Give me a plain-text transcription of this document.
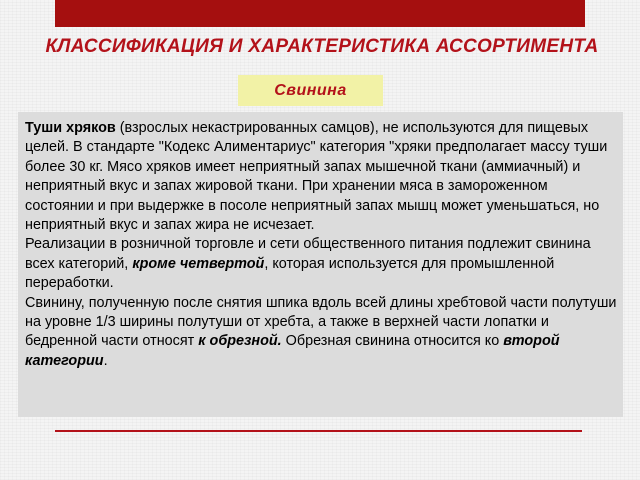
КЛАССИФИКАЦИЯ И ХАРАКТЕРИСТИКА АССОРТИМЕНТА
Свинина

Туши хряков (взрослых некастрированных самцов), не используются для пищевых целей. В стандарте "Кодекс Алиментариус" категория "хряки предполагает массу туши более 30 кг. Мясо хряков имеет неприятный запах мышечной ткани (аммиачный) и неприятный вкус и запах жировой ткани. При хранении мяса в замороженном состоянии и при выдержке в посоле неприятный запах мышц может уменьшаться, но неприятный вкус и запах жира не исчезает.

Реализации в розничной торговле и сети общественного питания подлежит свинина всех категорий, кроме четвертой, которая используется для промышленной переработки.

Свинину, полученную после снятия шпика вдоль всей длины хребтовой части полутуши на уровне 1/3 ширины полутуши от хребта, а также в верхней части лопатки и бедренной части относят к обрезной. Обрезная свинина относится ко второй категории.
